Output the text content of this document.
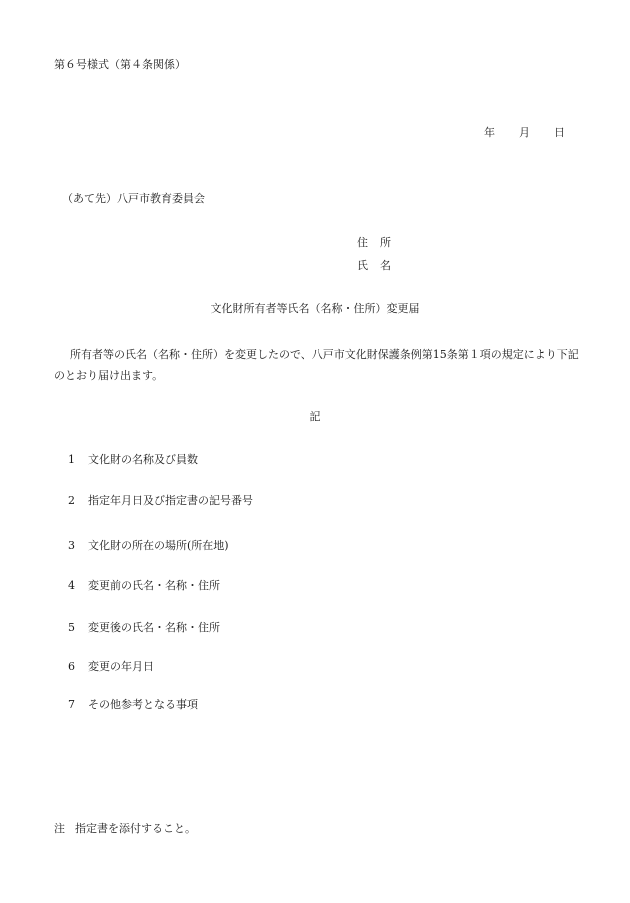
第６号様式（第４条関係）
年 月 日
（あて先）八戸市教育委員会
住 所
氏 名
文化財所有者等氏名（名称・住所）変更届
所有者等の氏名（名称・住所）を変更したので、八戸市文化財保護条例第15条第１項の規定により下記のとおり届け出ます。
記
1 文化財の名称及び員数
2 指定年月日及び指定書の記号番号
3 文化財の所在の場所(所在地)
4 変更前の氏名・名称・住所
5 変更後の氏名・名称・住所
6 変更の年月日
7 その他参考となる事項
注 指定書を添付すること。
